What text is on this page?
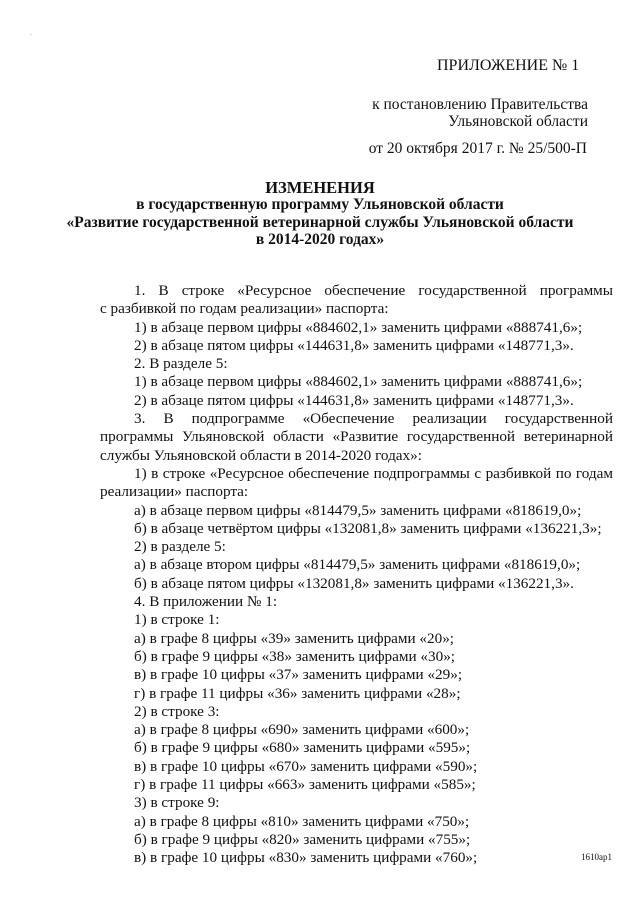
.
ПРИЛОЖЕНИЕ № 1
к постановлению Правительства
Ульяновской области
от 20 октября 2017 г. № 25/500-П
ИЗМЕНЕНИЯ
в государственную программу Ульяновской области
«Развитие государственной ветеринарной службы Ульяновской области
в 2014-2020 годах»
1. В строке «Ресурсное обеспечение государственной программы
с разбивкой по годам реализации» паспорта:
1) в абзаце первом цифры «884602,1» заменить цифрами «888741,6»;
2) в абзаце пятом цифры «144631,8» заменить цифрами «148771,3».
2. В разделе 5:
1) в абзаце первом цифры «884602,1» заменить цифрами «888741,6»;
2) в абзаце пятом цифры «144631,8» заменить цифрами «148771,3».
3. В подпрограмме «Обеспечение реализации государственной
программы Ульяновской области «Развитие государственной ветеринарной
службы Ульяновской области в 2014-2020 годах»:
1) в строке «Ресурсное обеспечение подпрограммы с разбивкой по годам
реализации» паспорта:
а) в абзаце первом цифры «814479,5» заменить цифрами «818619,0»;
б) в абзаце четвёртом цифры «132081,8» заменить цифрами «136221,3»;
2) в разделе 5:
а) в абзаце втором цифры «814479,5» заменить цифрами «818619,0»;
б) в абзаце пятом цифры «132081,8» заменить цифрами «136221,3».
4. В приложении № 1:
1) в строке 1:
а) в графе 8 цифры «39» заменить цифрами «20»;
б) в графе 9 цифры «38» заменить цифрами «30»;
в) в графе 10 цифры «37» заменить цифрами «29»;
г) в графе 11 цифры «36» заменить цифрами «28»;
2) в строке 3:
а) в графе 8 цифры «690» заменить цифрами «600»;
б) в графе 9 цифры «680» заменить цифрами «595»;
в) в графе 10 цифры «670» заменить цифрами «590»;
г) в графе 11 цифры «663» заменить цифрами «585»;
3) в строке 9:
а) в графе 8 цифры «810» заменить цифрами «750»;
б) в графе 9 цифры «820» заменить цифрами «755»;
в) в графе 10 цифры «830» заменить цифрами «760»;	1610ap1
